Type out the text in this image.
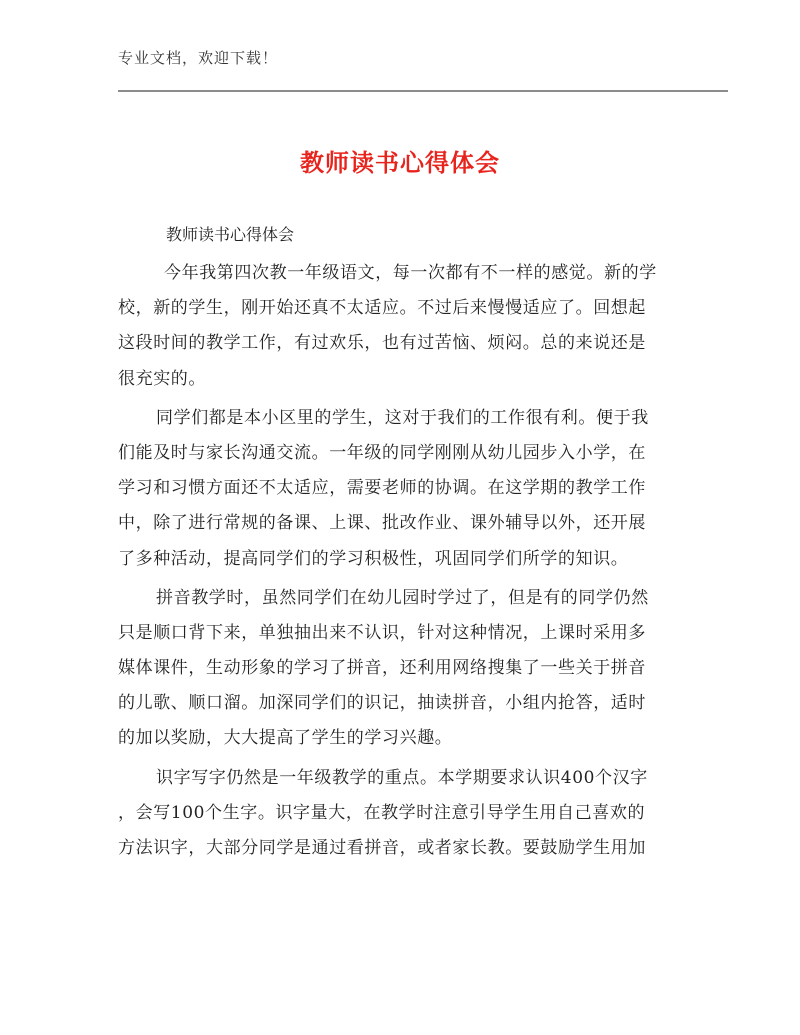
专业文档，欢迎下载！
教师读书心得体会
教师读书心得体会
今年我第四次教一年级语文，每一次都有不一样的感觉。新的学
校，新的学生，刚开始还真不太适应。不过后来慢慢适应了。回想起
这段时间的教学工作，有过欢乐，也有过苦恼、烦闷。总的来说还是
很充实的。
同学们都是本小区里的学生，这对于我们的工作很有利。便于我
们能及时与家长沟通交流。一年级的同学刚刚从幼儿园步入小学，在
学习和习惯方面还不太适应，需要老师的协调。在这学期的教学工作
中，除了进行常规的备课、上课、批改作业、课外辅导以外，还开展
了多种活动，提高同学们的学习积极性，巩固同学们所学的知识。
拼音教学时，虽然同学们在幼儿园时学过了，但是有的同学仍然
只是顺口背下来，单独抽出来不认识，针对这种情况，上课时采用多
媒体课件，生动形象的学习了拼音，还利用网络搜集了一些关于拼音
的儿歌、顺口溜。加深同学们的识记，抽读拼音，小组内抢答，适时
的加以奖励，大大提高了学生的学习兴趣。
识字写字仍然是一年级教学的重点。本学期要求认识400个汉字
，会写100个生字。识字量大，在教学时注意引导学生用自己喜欢的
方法识字，大部分同学是通过看拼音，或者家长教。要鼓励学生用加
